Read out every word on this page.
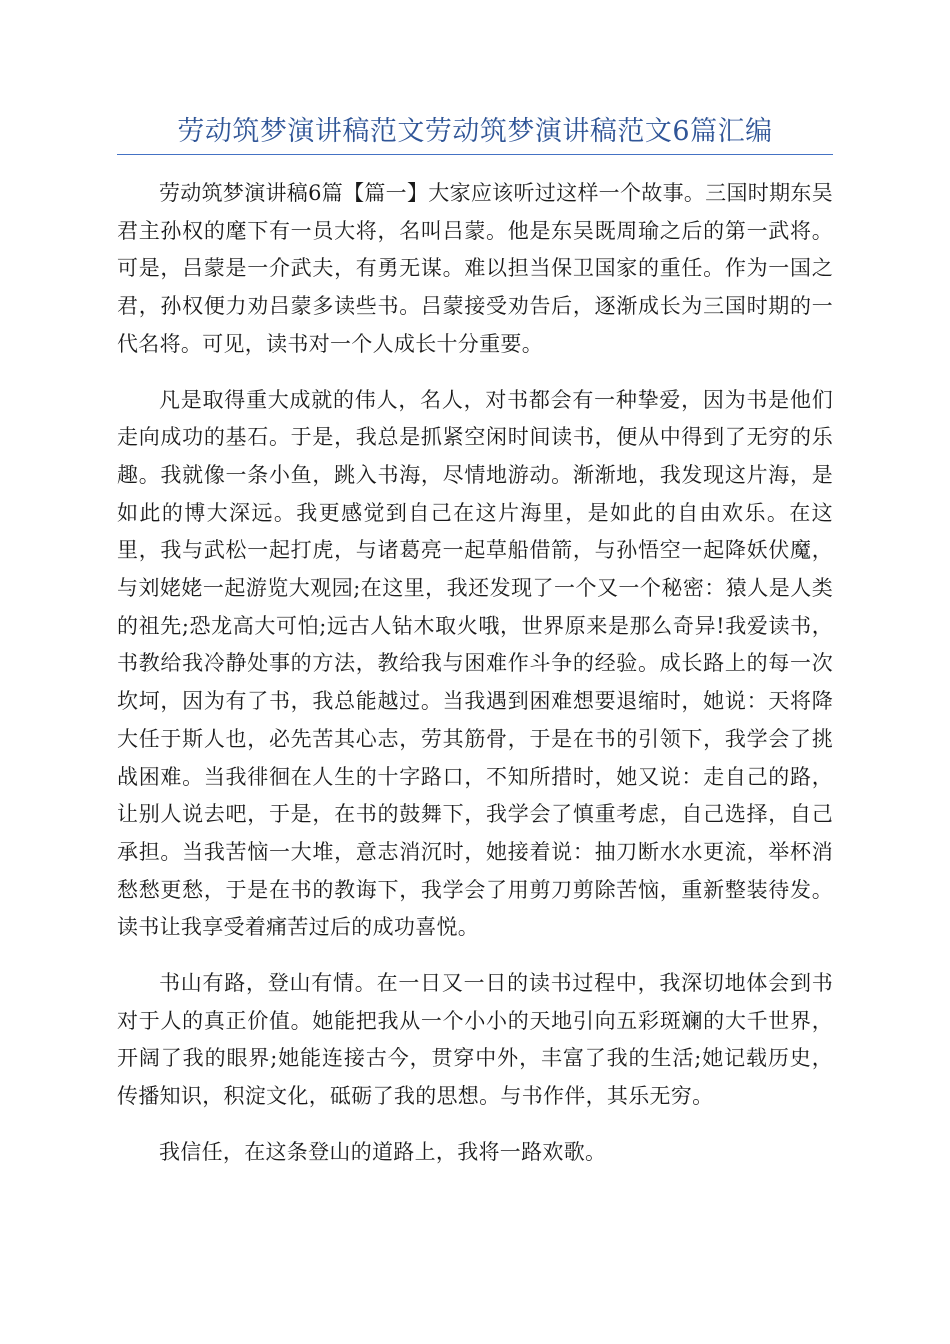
劳动筑梦演讲稿范文劳动筑梦演讲稿范文6篇汇编

劳动筑梦演讲稿6篇【篇一】大家应该听过这样一个故事。三国时期东吴君主孙权的麾下有一员大将，名叫吕蒙。他是东吴既周瑜之后的第一武将。可是，吕蒙是一介武夫，有勇无谋。难以担当保卫国家的重任。作为一国之君，孙权便力劝吕蒙多读些书。吕蒙接受劝告后，逐渐成长为三国时期的一代名将。可见，读书对一个人成长十分重要。

凡是取得重大成就的伟人，名人，对书都会有一种挚爱，因为书是他们走向成功的基石。于是，我总是抓紧空闲时间读书，便从中得到了无穷的乐趣。我就像一条小鱼，跳入书海，尽情地游动。渐渐地，我发现这片海，是如此的博大深远。我更感觉到自己在这片海里，是如此的自由欢乐。在这里，我与武松一起打虎，与诸葛亮一起草船借箭，与孙悟空一起降妖伏魔，与刘姥姥一起游览大观园;在这里，我还发现了一个又一个秘密：猿人是人类的祖先;恐龙高大可怕;远古人钻木取火哦，世界原来是那么奇异!我爱读书，书教给我冷静处事的方法，教给我与困难作斗争的经验。成长路上的每一次坎坷，因为有了书，我总能越过。当我遇到困难想要退缩时，她说：天将降大任于斯人也，必先苦其心志，劳其筋骨，于是在书的引领下，我学会了挑战困难。当我徘徊在人生的十字路口，不知所措时，她又说：走自己的路，让别人说去吧，于是，在书的鼓舞下，我学会了慎重考虑，自己选择，自己承担。当我苦恼一大堆，意志消沉时，她接着说：抽刀断水水更流，举杯消愁愁更愁，于是在书的教诲下，我学会了用剪刀剪除苦恼，重新整装待发。读书让我享受着痛苦过后的成功喜悦。

书山有路，登山有情。在一日又一日的读书过程中，我深切地体会到书对于人的真正价值。她能把我从一个小小的天地引向五彩斑斓的大千世界，开阔了我的眼界;她能连接古今，贯穿中外，丰富了我的生活;她记载历史，传播知识，积淀文化，砥砺了我的思想。与书作伴，其乐无穷。

我信任，在这条登山的道路上，我将一路欢歌。
